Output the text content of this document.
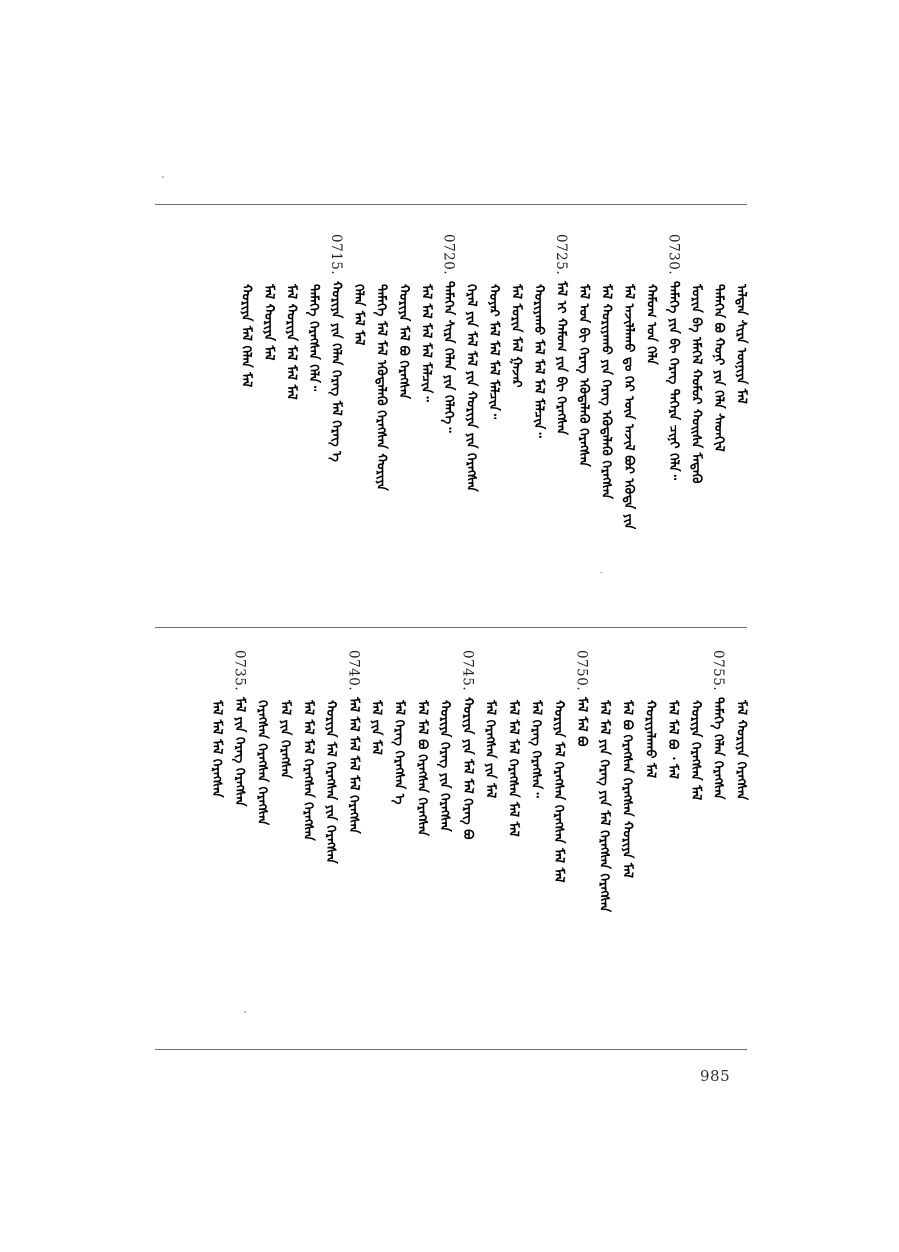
ᠠᠯᠲᠠᠨ ᠰᠢᠷᠠ ᠦᠨᠢᠶᠡ ᠮᠠᠯ
ᠲᠡᠮᠡᠭᠡᠨ ᠪᠤ ᠬᠤᠨᠢ ᠶᠢᠨ ᠬᠡᠯᠡ ᠰᠡᠳᠬᠢᠯ
ᠮᠣᠷᠢᠨ ᠪᠠ ᠡᠮᠡᠭᠡᠯ ᠬᠤᠮᠤᠷ ᠬᠣᠢᠰᠠ ᠮᠡᠳᠡᠬᠦ
0730.
ᠲᠡᠮᠡᠭᠡ ᠶᠢᠨ ᠪᠢ ᠬᠡᠷᠡᠭ ᠳᠡᠭᠡᠷᠡ ᠴᠢᠨᠢ ᠬᠡᠯᠡ᠃
ᠬᠠᠮᠤᠭ ᠤᠨ ᠬᠡᠯᠡ
ᠮᠠᠯ ᠠᠵᠢᠯᠯᠠᠬᠤ ᠳᠤ ᠭᠡᠷ ᠦᠨ ᠠᠵᠢᠯ ᠪᠤᠷ ᠡᠭᠦᠳᠡ ᠶᠢᠨ
ᠮᠠᠯ ᠬᠤᠷᠢᠶᠠᠬᠤ ᠶᠢᠨ ᠬᠡᠷᠡᠭ ᠡᠭᠦᠳᠡᠯᠡᠬᠦ ᠭᠡᠷᠡᠭᠰᠡᠨ
ᠮᠠᠯ ᠤᠨ ᠪᠢ ᠬᠡᠷᠡᠭ ᠡᠭᠦᠳᠡᠯᠡᠬᠦ ᠭᠡᠷᠡᠭᠰᠡᠨ
0725.
ᠮᠠᠯ ᠢ ᠬᠠᠮᠤᠭ ᠶᠢᠨ ᠪᠢ ᠬᠡᠷᠡᠭᠰᠡᠨ
ᠬᠤᠷᠢᠶᠠᠬᠤ ᠮᠠᠯ ᠮᠠᠯ ᠮᠠᠯ ᠮᠠᠯᠴᠢᠨ᠃
ᠮᠠᠯ ᠮᠣᠷᠢᠨ ᠮᠠᠯ ᠭᠠᠵᠠᠷ
ᠬᠤᠶᠠᠷ ᠮᠠᠯ ᠮᠠᠯ ᠮᠠᠯ ᠮᠠᠯᠴᠢᠨ᠃
ᠭᠡᠷᠡᠯ ᠶᠢᠨ ᠮᠠᠯ ᠮᠠᠯ ᠶᠢᠨ ᠬᠤᠷᠢᠶᠠ ᠶᠢᠨ ᠭᠡᠷᠡᠭᠰᠡᠨ
0720.
ᠲᠡᠮᠡᠭᠡᠨ ᠰᠢᠷᠠ ᠬᠡᠯᠡᠨ ᠶᠢᠨ ᠬᠡᠯᠡᠭᠡ᠃
ᠮᠠᠯ ᠮᠠᠯ ᠮᠠᠯ ᠮᠠᠯ ᠮᠠᠯᠴᠢᠨ᠃
ᠬᠤᠷᠢᠶᠠ ᠮᠠᠯ ᠪᠤ ᠬᠡᠷᠡᠭᠰᠡᠨ
ᠲᠡᠮᠡᠭᠡ ᠮᠠᠯ ᠮᠠᠯ ᠡᠭᠦᠳᠡᠯᠡᠬᠦ ᠬᠡᠷᠡᠭᠰᠡᠨ ᠬᠤᠷᠢᠶᠠ
ᠬᠡᠯᠡᠨ ᠮᠠᠯ ᠮᠠᠯ
0715.
ᠬᠤᠷᠢᠶᠠ ᠶᠢᠨ ᠬᠡᠯᠡᠨ ᠬᠡᠷᠡᠭ ᠮᠠᠯ ᠬᠡᠷᠡᠭ ᠡ
ᠲᠡᠮᠡᠭᠡ ᠬᠡᠷᠡᠭᠰᠡᠨ ᠬᠡᠯᠡ᠃
ᠮᠠᠯ ᠬᠤᠷᠢᠶᠠ ᠮᠠᠯ ᠮᠠᠯ ᠮᠠᠯ
ᠮᠠᠯ ᠬᠤᠷᠢᠶᠠ ᠮᠠᠯ
ᠬᠤᠷᠢᠶᠠ ᠮᠠᠯ ᠬᠡᠯᠡᠨ ᠮᠠᠯ
ᠮᠠᠯ ᠬᠤᠷᠢᠶᠠ ᠬᠡᠷᠡᠭᠰᠡᠨ
0755.
ᠲᠡᠮᠡᠭᠡ ᠬᠡᠯᠡᠨ ᠬᠡᠷᠡᠭᠰᠡᠨ
ᠬᠤᠷᠢᠶᠠ ᠬᠡᠷᠡᠭᠰᠡᠨ ᠮᠠᠯ
ᠮᠠᠯ ᠮᠠᠯ ᠪᠤ ᠂ ᠮᠠᠯ
ᠬᠤᠷᠢᠶᠠᠯᠠᠬᠤ ᠮᠠᠯ
ᠮᠠᠯ ᠪᠤ ᠬᠡᠷᠡᠭᠰᠡᠨ ᠬᠡᠷᠡᠭᠰᠡᠨ ᠬᠤᠷᠢᠶᠠ ᠮᠠᠯ
ᠮᠠᠯ ᠮᠠᠯ ᠶᠢᠨ ᠬᠡᠷᠡᠭ ᠶᠢᠨ ᠮᠠᠯ ᠬᠡᠷᠡᠭᠰᠡᠨ ᠬᠡᠷᠡᠭᠰᠡᠨ
0750.
ᠮᠠᠯ ᠮᠠᠯ ᠪᠤ
ᠬᠤᠷᠢᠶᠠ ᠮᠠᠯ ᠬᠡᠷᠡᠭᠰᠡᠨ ᠬᠡᠷᠡᠭᠰᠡᠨ ᠮᠠᠯ ᠮᠠᠯ
ᠮᠠᠯ ᠬᠡᠷᠡᠭ ᠬᠡᠷᠡᠭᠰᠡᠨ᠃
ᠮᠠᠯ ᠮᠠᠯ ᠮᠠᠯ ᠬᠡᠷᠡᠭᠰᠡᠨ ᠮᠠᠯ ᠮᠠᠯ
ᠮᠠᠯ ᠬᠡᠷᠡᠭᠰᠡᠨ ᠶᠢᠨ ᠮᠠᠯ
0745.
ᠬᠤᠷᠢᠶᠠ ᠶᠢᠨ ᠮᠠᠯ ᠮᠠᠯ ᠬᠡᠷᠡᠭ ᠪᠤ
ᠬᠤᠷᠢᠶᠠ ᠬᠡᠷᠡᠭ ᠶᠢᠨ ᠬᠡᠷᠡᠭᠰᠡᠨ
ᠮᠠᠯ ᠮᠠᠯ ᠪᠤ ᠬᠡᠷᠡᠭᠰᠡᠨ ᠬᠡᠷᠡᠭᠰᠡᠨ
ᠮᠠᠯ ᠬᠡᠷᠡᠭ ᠬᠡᠷᠡᠭᠰᠡᠨ ᠡ
ᠮᠠᠯ ᠶᠢᠨ ᠮᠠᠯ
0740.
ᠮᠠᠯ ᠮᠠᠯ ᠮᠠᠯ ᠮᠠᠯ ᠮᠠᠯ ᠬᠡᠷᠡᠭᠰᠡᠨ
ᠬᠤᠷᠢᠶᠠ ᠮᠠᠯ ᠬᠡᠷᠡᠭᠰᠡᠨ ᠶᠢᠨ ᠬᠡᠷᠡᠭᠰᠡᠨ
ᠮᠠᠯ ᠮᠠᠯ ᠮᠠᠯ ᠬᠡᠷᠡᠭᠰᠡᠨ ᠬᠡᠷᠡᠭᠰᠡᠨ
ᠮᠠᠯ ᠶᠢᠨ ᠬᠡᠷᠡᠭᠰᠡᠨ
ᠬᠡᠷᠡᠭᠰᠡᠨ ᠬᠡᠷᠡᠭᠰᠡᠨ ᠬᠡᠷᠡᠭᠰᠡᠨ
0735.
ᠮᠠᠯ ᠶᠢᠨ ᠬᠡᠷᠡᠭ ᠬᠡᠷᠡᠭᠰᠡᠨ
ᠮᠠᠯ ᠮᠠᠯ ᠮᠠᠯ ᠬᠡᠷᠡᠭᠰᠡᠨ
985
